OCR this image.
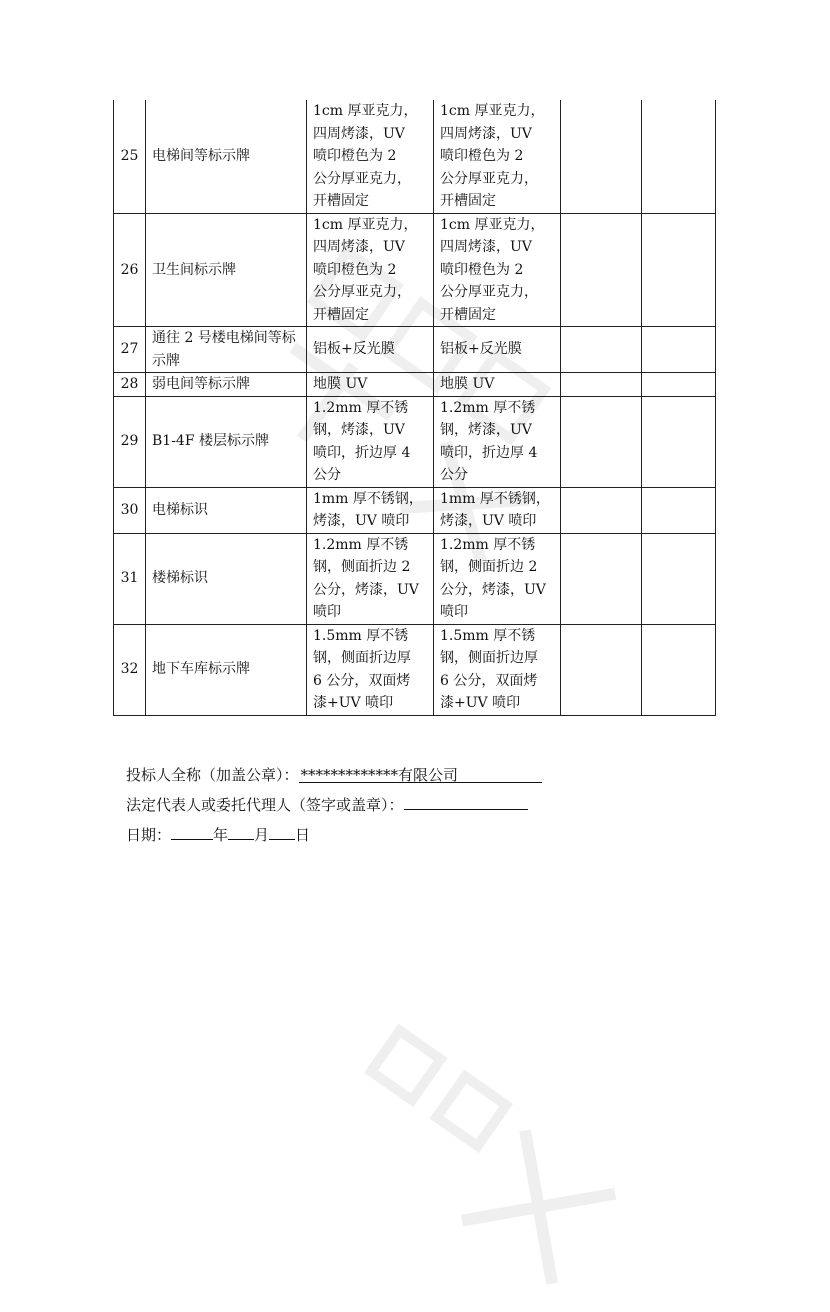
25	电梯间等标示牌	1cm 厚亚克力，
四周烤漆，UV
喷印橙色为 2
公分厚亚克力，
开槽固定	1cm 厚亚克力，
四周烤漆，UV
喷印橙色为 2
公分厚亚克力，
开槽固定			

26	卫生间标示牌	1cm 厚亚克力，
四周烤漆，UV
喷印橙色为 2
公分厚亚克力，
开槽固定	1cm 厚亚克力，
四周烤漆，UV
喷印橙色为 2
公分厚亚克力，
开槽固定			

27	通往 2 号楼电梯间等标示牌	铝板+反光膜	铝板+反光膜			

28	弱电间等标示牌	地膜 UV	地膜 UV			

29	B1-4F 楼层标示牌	1.2mm 厚不锈
钢，烤漆，UV
喷印，折边厚 4
公分	1.2mm 厚不锈
钢，烤漆，UV
喷印，折边厚 4
公分			

30	电梯标识	1mm 厚不锈钢，
烤漆，UV 喷印	1mm 厚不锈钢，
烤漆，UV 喷印			

31	楼梯标识	1.2mm 厚不锈
钢，侧面折边 2
公分，烤漆，UV
喷印	1.2mm 厚不锈
钢，侧面折边 2
公分，烤漆，UV
喷印			

32	地下车库标示牌	1.5mm 厚不锈
钢，侧面折边厚
6 公分，双面烤
漆+UV 喷印	1.5mm 厚不锈
钢，侧面折边厚
6 公分，双面烤
漆+UV 喷印			

投标人全称（加盖公章）： *************有限公司
法定代表人或委托代理人（签字或盖章）：
日期：	年 月 日
